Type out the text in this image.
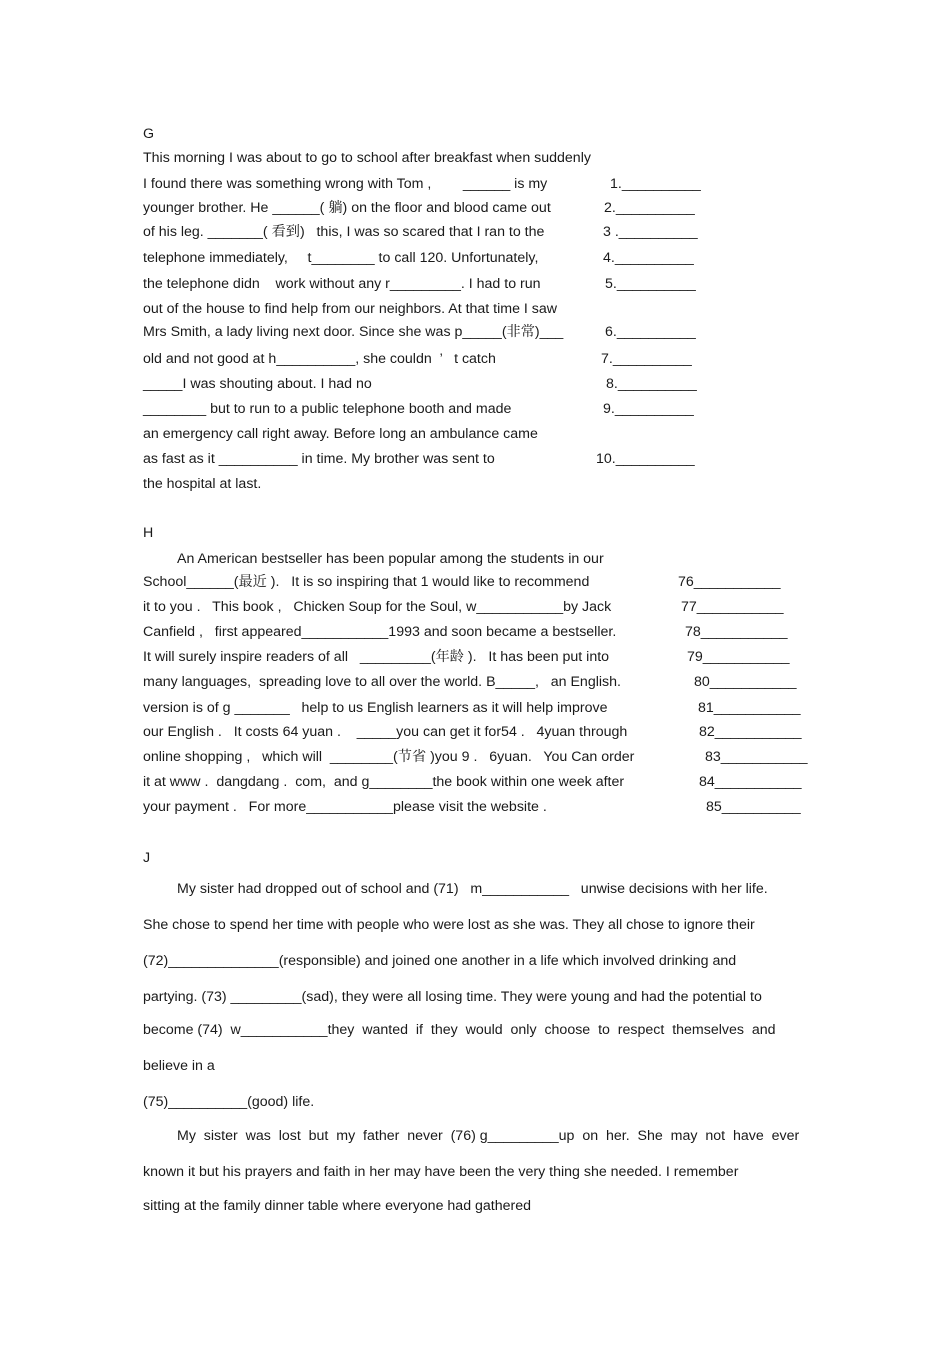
G
This morning I was about to go to school after breakfast when suddenly
I found there was something wrong with Tom ,        ______ is my
younger brother. He ______( 躺) on the floor and blood came out
of his leg. _______( 看到)   this, I was so scared that I ran to the
telephone immediately,     t________ to call 120. Unfortunately,
the telephone didn    work without any r_________. I had to run
out of the house to find help from our neighbors. At that time I saw
Mrs Smith, a lady living next door. Since she was p_____(非常)___
old and not good at h__________, she couldn  ’   t catch
_____I was shouting about. I had no
________ but to run to a public telephone booth and made
an emergency call right away. Before long an ambulance came
as fast as it __________ in time. My brother was sent to
the hospital at last.
1.__________
2.__________
3 .__________
4.__________
5.__________
6.__________
7.__________
8.__________
9.__________
10.__________
H
An American bestseller has been popular among the students in our
School______(最近 ).   It is so inspiring that 1 would like to recommend
it to you .   This book ,   Chicken Soup for the Soul, w___________by Jack
Canfield ,   first appeared___________1993 and soon became a bestseller.
It will surely inspire readers of all   _________(年龄 ).   It has been put into
many languages,  spreading love to all over the world. B_____,   an English.
version is of g _______   help to us English learners as it will help improve
our English .   It costs 64 yuan .    _____you can get it for54 .   4yuan through
online shopping ,   which will  ________(节省 )you 9 .   6yuan.   You Can order
it at www .  dangdang .  com,  and g________the book within one week after
your payment .   For more___________please visit the website .
76___________
77___________
78___________
79___________
80___________
81___________
82___________
83___________
84___________
85__________
J
My sister had dropped out of school and (71)   m___________   unwise decisions with her life.
She chose to spend her time with people who were lost as she was. They all chose to ignore their
(72)______________(responsible) and joined one another in a life which involved drinking and
partying. (73) _________(sad), they were all losing time. They were young and had the potential to
become (74)  w___________they  wanted  if  they  would  only  choose  to  respect  themselves  and
believe in a
(75)__________(good) life.
My  sister  was  lost  but  my  father  never  (76) g_________up  on  her.  She  may  not  have  ever
known it but his prayers and faith in her may have been the very thing she needed. I remember
sitting at the family dinner table where everyone had gathered
